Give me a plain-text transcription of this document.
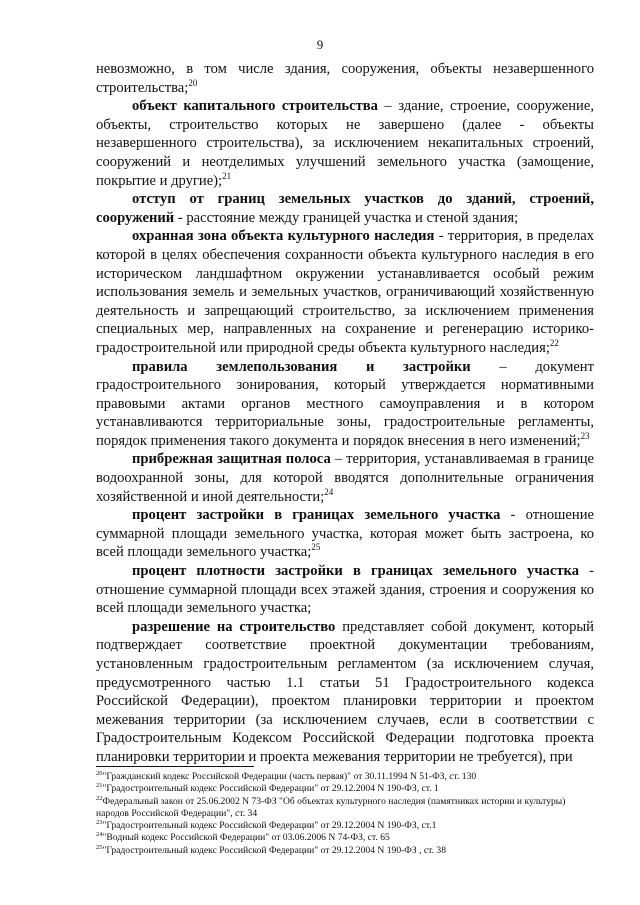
9

невозможно, в том числе здания, сооружения, объекты незавершенного строительства;$^{20}$

объект капитального строительства – здание, строение, сооружение, объекты, строительство которых не завершено (далее - объекты незавершенного строительства), за исключением некапитальных строений, сооружений и неотделимых улучшений земельного участка (замощение, покрытие и другие);$^{21}$

отступ от границ земельных участков до зданий, строений, сооружений - расстояние между границей участка и стеной здания;

охранная зона объекта культурного наследия - территория, в пределах которой в целях обеспечения сохранности объекта культурного наследия в его историческом ландшафтном окружении устанавливается особый режим использования земель и земельных участков, ограничивающий хозяйственную деятельность и запрещающий строительство, за исключением применения специальных мер, направленных на сохранение и регенерацию историко-градостроительной или природной среды объекта культурного наследия;$^{22}$

правила землепользования и застройки – документ градостроительного зонирования, который утверждается нормативными правовыми актами органов местного самоуправления и в котором устанавливаются территориальные зоны, градостроительные регламенты, порядок применения такого документа и порядок внесения в него изменений;$^{23}$

прибрежная защитная полоса – территория, устанавливаемая в границе водоохранной зоны, для которой вводятся дополнительные ограничения хозяйственной и иной деятельности;$^{24}$

процент застройки в границах земельного участка - отношение суммарной площади земельного участка, которая может быть застроена, ко всей площади земельного участка;$^{25}$

процент плотности застройки в границах земельного участка - отношение суммарной площади всех этажей здания, строения и сооружения ко всей площади земельного участка;

разрешение на строительство представляет собой документ, который подтверждает соответствие проектной документации требованиям, установленным градостроительным регламентом (за исключением случая, предусмотренного частью 1.1 статьи 51 Градостроительного кодекса Российской Федерации), проектом планировки территории и проектом межевания территории (за исключением случаев, если в соответствии с Градостроительным Кодексом Российской Федерации подготовка проекта планировки территории и проекта межевания территории не требуется), при

$^{20}$"Гражданский кодекс Российской Федерации (часть первая)" от 30.11.1994 N 51-ФЗ, ст. 130
$^{21}$"Градостроительный кодекс Российской Федерации" от 29.12.2004 N 190-ФЗ, ст. 1
$^{22}$Федеральный закон от 25.06.2002 N 73-ФЗ "Об объектах культурного наследия (памятниках истории и культуры) народов Российской Федерации", ст. 34
$^{23}$"Градостроительный кодекс Российской Федерации" от 29.12.2004 N 190-ФЗ, ст.1
$^{24}$"Водный кодекс Российской Федерации" от 03.06.2006 N 74-ФЗ, ст. 65
$^{25}$"Градостроительный кодекс Российской Федерации" от 29.12.2004 N 190-ФЗ , ст. 38
